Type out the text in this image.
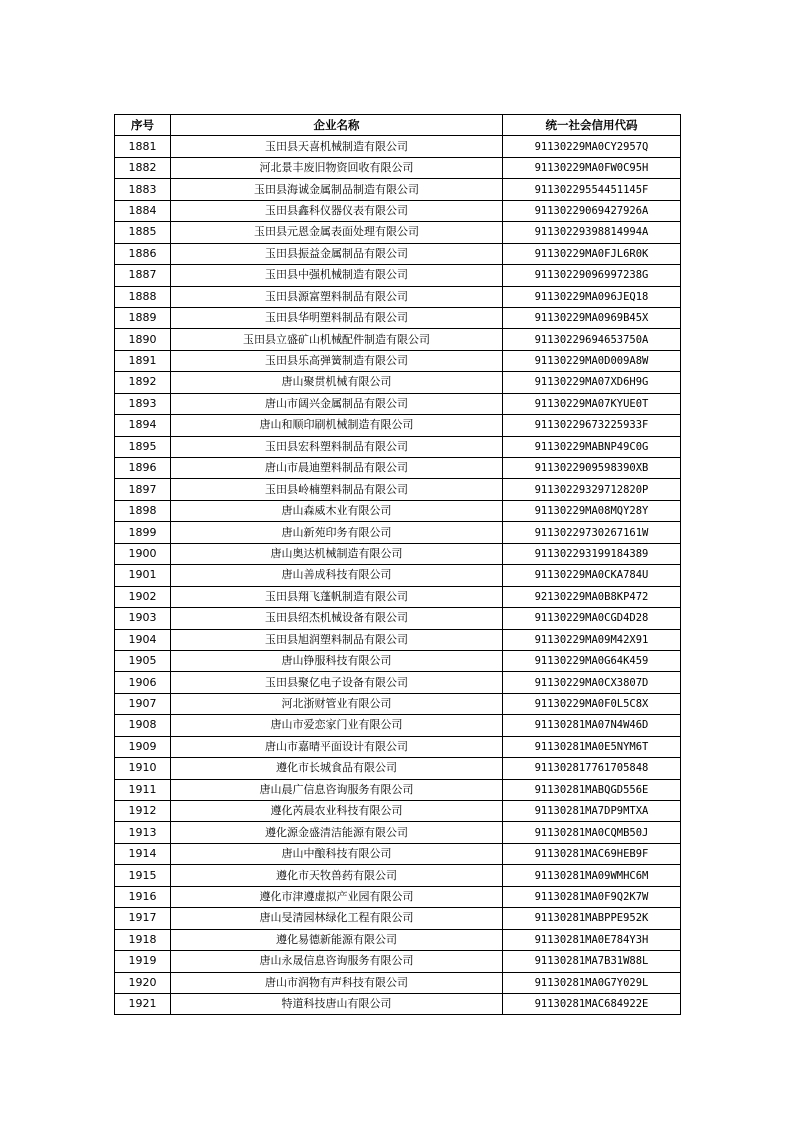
序号	企业名称	统一社会信用代码
1881	玉田县天喜机械制造有限公司	91130229MA0CY2957Q
1882	河北景丰废旧物资回收有限公司	91130229MA0FW0C95H
1883	玉田县海诚金属制品制造有限公司	91130229554451145F
1884	玉田县鑫科仪器仪表有限公司	91130229069427926A
1885	玉田县元恩金属表面处理有限公司	91130229398814994A
1886	玉田县振益金属制品有限公司	91130229MA0FJL6R0K
1887	玉田县中强机械制造有限公司	91130229096997238G
1888	玉田县源富塑料制品有限公司	91130229MA096JEQ18
1889	玉田县华明塑料制品有限公司	91130229MA0969B45X
1890	玉田县立盛矿山机械配件制造有限公司	91130229694653750A
1891	玉田县乐高弹簧制造有限公司	91130229MA0D009A8W
1892	唐山聚贯机械有限公司	91130229MA07XD6H9G
1893	唐山市阔兴金属制品有限公司	91130229MA07KYUE0T
1894	唐山和顺印刷机械制造有限公司	91130229673225933F
1895	玉田县宏科塑料制品有限公司	91130229MABNP49C0G
1896	唐山市晨迪塑料制品有限公司	9113022909598390XB
1897	玉田县岭楠塑料制品有限公司	91130229329712820P
1898	唐山森威木业有限公司	91130229MA08MQY28Y
1899	唐山新苑印务有限公司	91130229730267161W
1900	唐山奥达机械制造有限公司	911302293199184389
1901	唐山善成科技有限公司	91130229MA0CKA784U
1902	玉田县翔飞蓬帆制造有限公司	92130229MA0B8KP472
1903	玉田县绍杰机械设备有限公司	91130229MA0CGD4D28
1904	玉田县旭润塑料制品有限公司	91130229MA09M42X91
1905	唐山铮服科技有限公司	91130229MA0G64K459
1906	玉田县聚亿电子设备有限公司	91130229MA0CX3807D
1907	河北浙财管业有限公司	91130229MA0F0L5C8X
1908	唐山市爱恋家门业有限公司	91130281MA07N4W46D
1909	唐山市嘉晴平面设计有限公司	91130281MA0E5NYM6T
1910	遵化市长城食品有限公司	911302817761705848
1911	唐山晨广信息咨询服务有限公司	91130281MABQGD556E
1912	遵化芮晨农业科技有限公司	91130281MA7DP9MTXA
1913	遵化源金盛清洁能源有限公司	91130281MA0CQMB50J
1914	唐山中酿科技有限公司	91130281MAC69HEB9F
1915	遵化市天牧兽药有限公司	91130281MA09WMHC6M
1916	遵化市津遵虚拟产业园有限公司	91130281MA0F9Q2K7W
1917	唐山旻清园林绿化工程有限公司	91130281MABPPE952K
1918	遵化易德新能源有限公司	91130281MA0E784Y3H
1919	唐山永晟信息咨询服务有限公司	91130281MA7B31W88L
1920	唐山市润物有声科技有限公司	91130281MA0G7Y029L
1921	特道科技唐山有限公司	91130281MAC684922E
